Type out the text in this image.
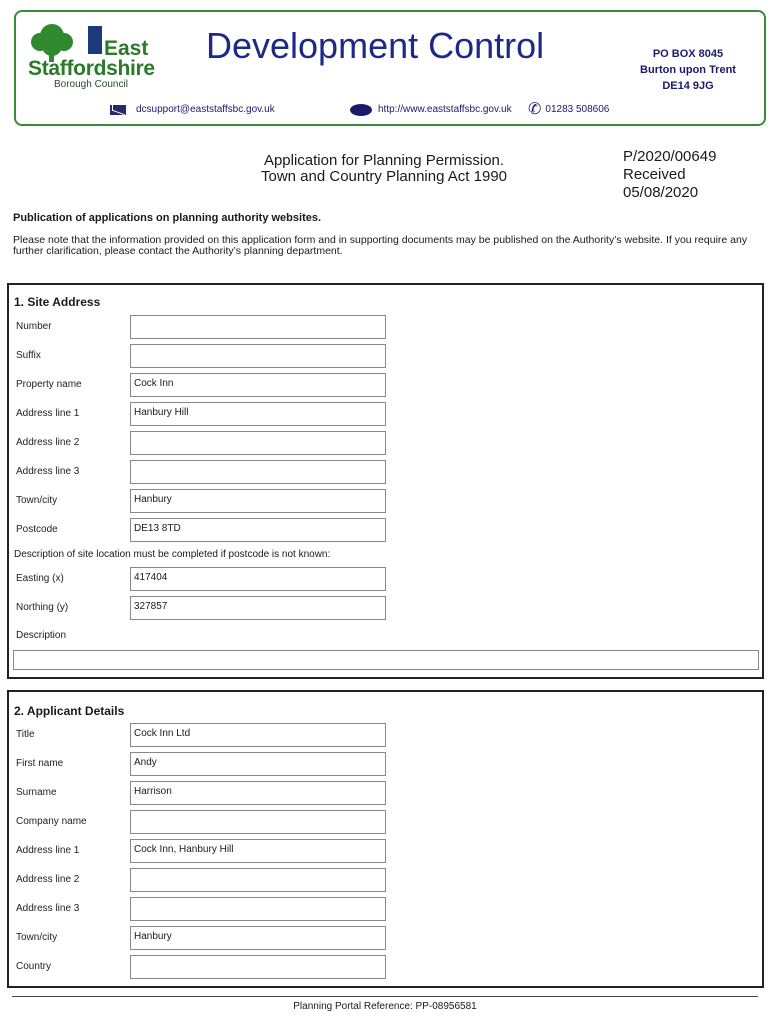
East
Staffordshire
Borough Council
Development Control	PO BOX 8045
Burton upon Trent
DE14 9JG
dcsupport@eaststaffsbc.gov.uk	http://www.eaststaffsbc.gov.uk ✆ 01283 508606
Application for Planning Permission.
Town and Country Planning Act 1990
P/2020/00649
Received
05/08/2020
Publication of applications on planning authority websites.
Please note that the information provided on this application form and in supporting documents may be published on the Authority’s website. If you require any further clarification, please contact the Authority’s planning department.
1. Site Address
Number
Suffix
Property name	Cock Inn
Address line 1	Hanbury Hill
Address line 2
Address line 3
Town/city	Hanbury
Postcode	DE13 8TD
Description of site location must be completed if postcode is not known:
Easting (x)	417404
Northing (y)	327857
Description
2. Applicant Details
Title	Cock Inn Ltd
First name	Andy
Surname	Harrison
Company name
Address line 1	Cock Inn, Hanbury Hill
Address line 2
Address line 3
Town/city	Hanbury
Country
Planning Portal Reference: PP-08956581
